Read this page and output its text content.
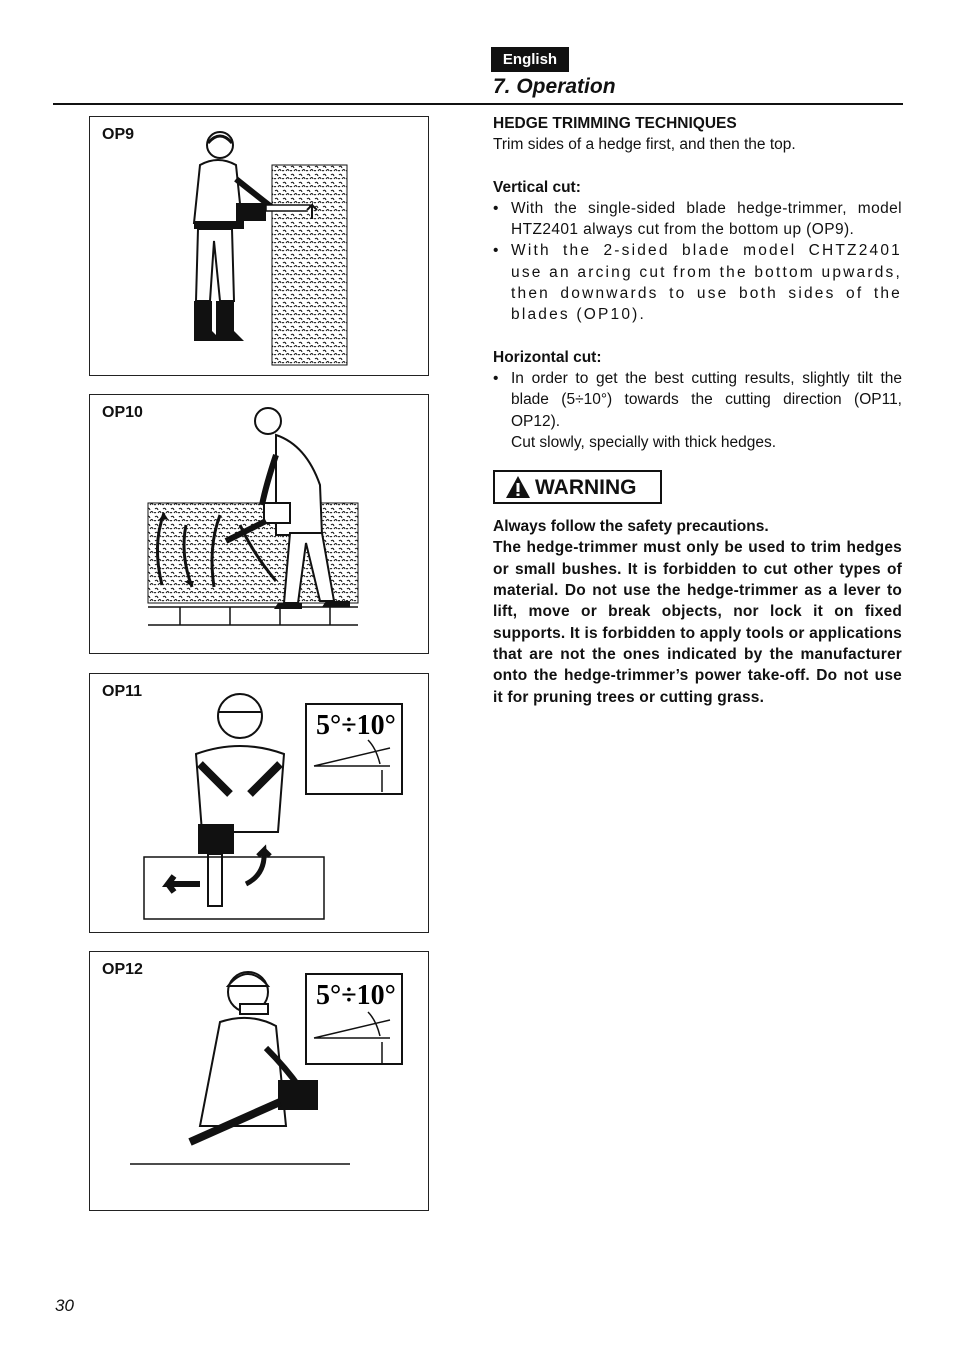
English
7. Operation
OP9
OP10
OP11
5°÷10°
OP12
5°÷10°
HEDGE TRIMMING TECHNIQUES
Trim sides of a hedge first, and then the top.
Vertical cut:
• With the single-sided blade hedge-trimmer, model HTZ2401 always cut from the bottom up (OP9).
• With the 2-sided blade model CHTZ2401 use an arcing cut from the bottom upwards, then downwards to use both sides of the blades (OP10).
Horizontal cut:
• In order to get the best cutting results, slightly tilt the blade (5÷10°) towards the cutting direction (OP11, OP12).
Cut slowly, specially with thick hedges.
WARNING
Always follow the safety precautions.
The hedge-trimmer must only be used to trim hedges or small bushes. It is forbidden to cut other types of material. Do not use the hedge-trimmer as a lever to lift, move or break objects, nor lock it on fixed supports. It is forbidden to apply tools or applications that are not the ones indicated by the manufacturer onto the hedge-trimmer’s power take-off. Do not use it for pruning trees or cutting grass.
30
